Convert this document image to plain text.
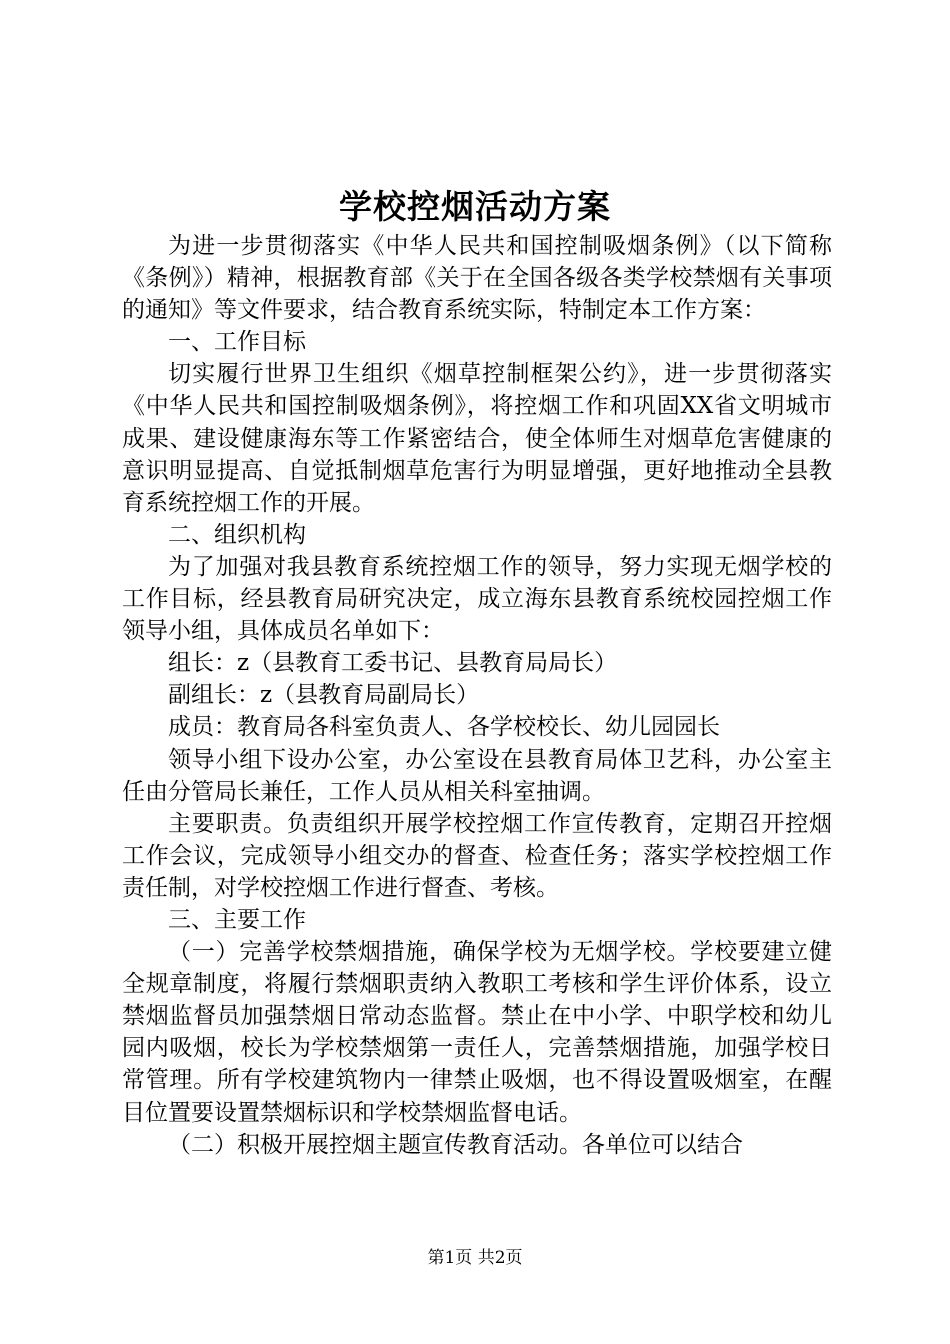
学校控烟活动方案

为进一步贯彻落实《中华人民共和国控制吸烟条例》（以下简称《条例》）精神，根据教育部《关于在全国各级各类学校禁烟有关事项的通知》等文件要求，结合教育系统实际，特制定本工作方案：

一、工作目标

切实履行世界卫生组织《烟草控制框架公约》，进一步贯彻落实《中华人民共和国控制吸烟条例》，将控烟工作和巩固XX省文明城市成果、建设健康海东等工作紧密结合，使全体师生对烟草危害健康的意识明显提高、自觉抵制烟草危害行为明显增强，更好地推动全县教育系统控烟工作的开展。

二、组织机构

为了加强对我县教育系统控烟工作的领导，努力实现无烟学校的工作目标，经县教育局研究决定，成立海东县教育系统校园控烟工作领导小组，具体成员名单如下：

组长：z（县教育工委书记、县教育局局长）

副组长：z（县教育局副局长）

成员：教育局各科室负责人、各学校校长、幼儿园园长

领导小组下设办公室，办公室设在县教育局体卫艺科，办公室主任由分管局长兼任，工作人员从相关科室抽调。

主要职责。负责组织开展学校控烟工作宣传教育，定期召开控烟工作会议，完成领导小组交办的督查、检查任务；落实学校控烟工作责任制，对学校控烟工作进行督查、考核。

三、主要工作

（一）完善学校禁烟措施，确保学校为无烟学校。学校要建立健全规章制度，将履行禁烟职责纳入教职工考核和学生评价体系，设立禁烟监督员加强禁烟日常动态监督。禁止在中小学、中职学校和幼儿园内吸烟，校长为学校禁烟第一责任人，完善禁烟措施，加强学校日常管理。所有学校建筑物内一律禁止吸烟，也不得设置吸烟室，在醒目位置要设置禁烟标识和学校禁烟监督电话。

（二）积极开展控烟主题宣传教育活动。各单位可以结合

第1页 共2页
